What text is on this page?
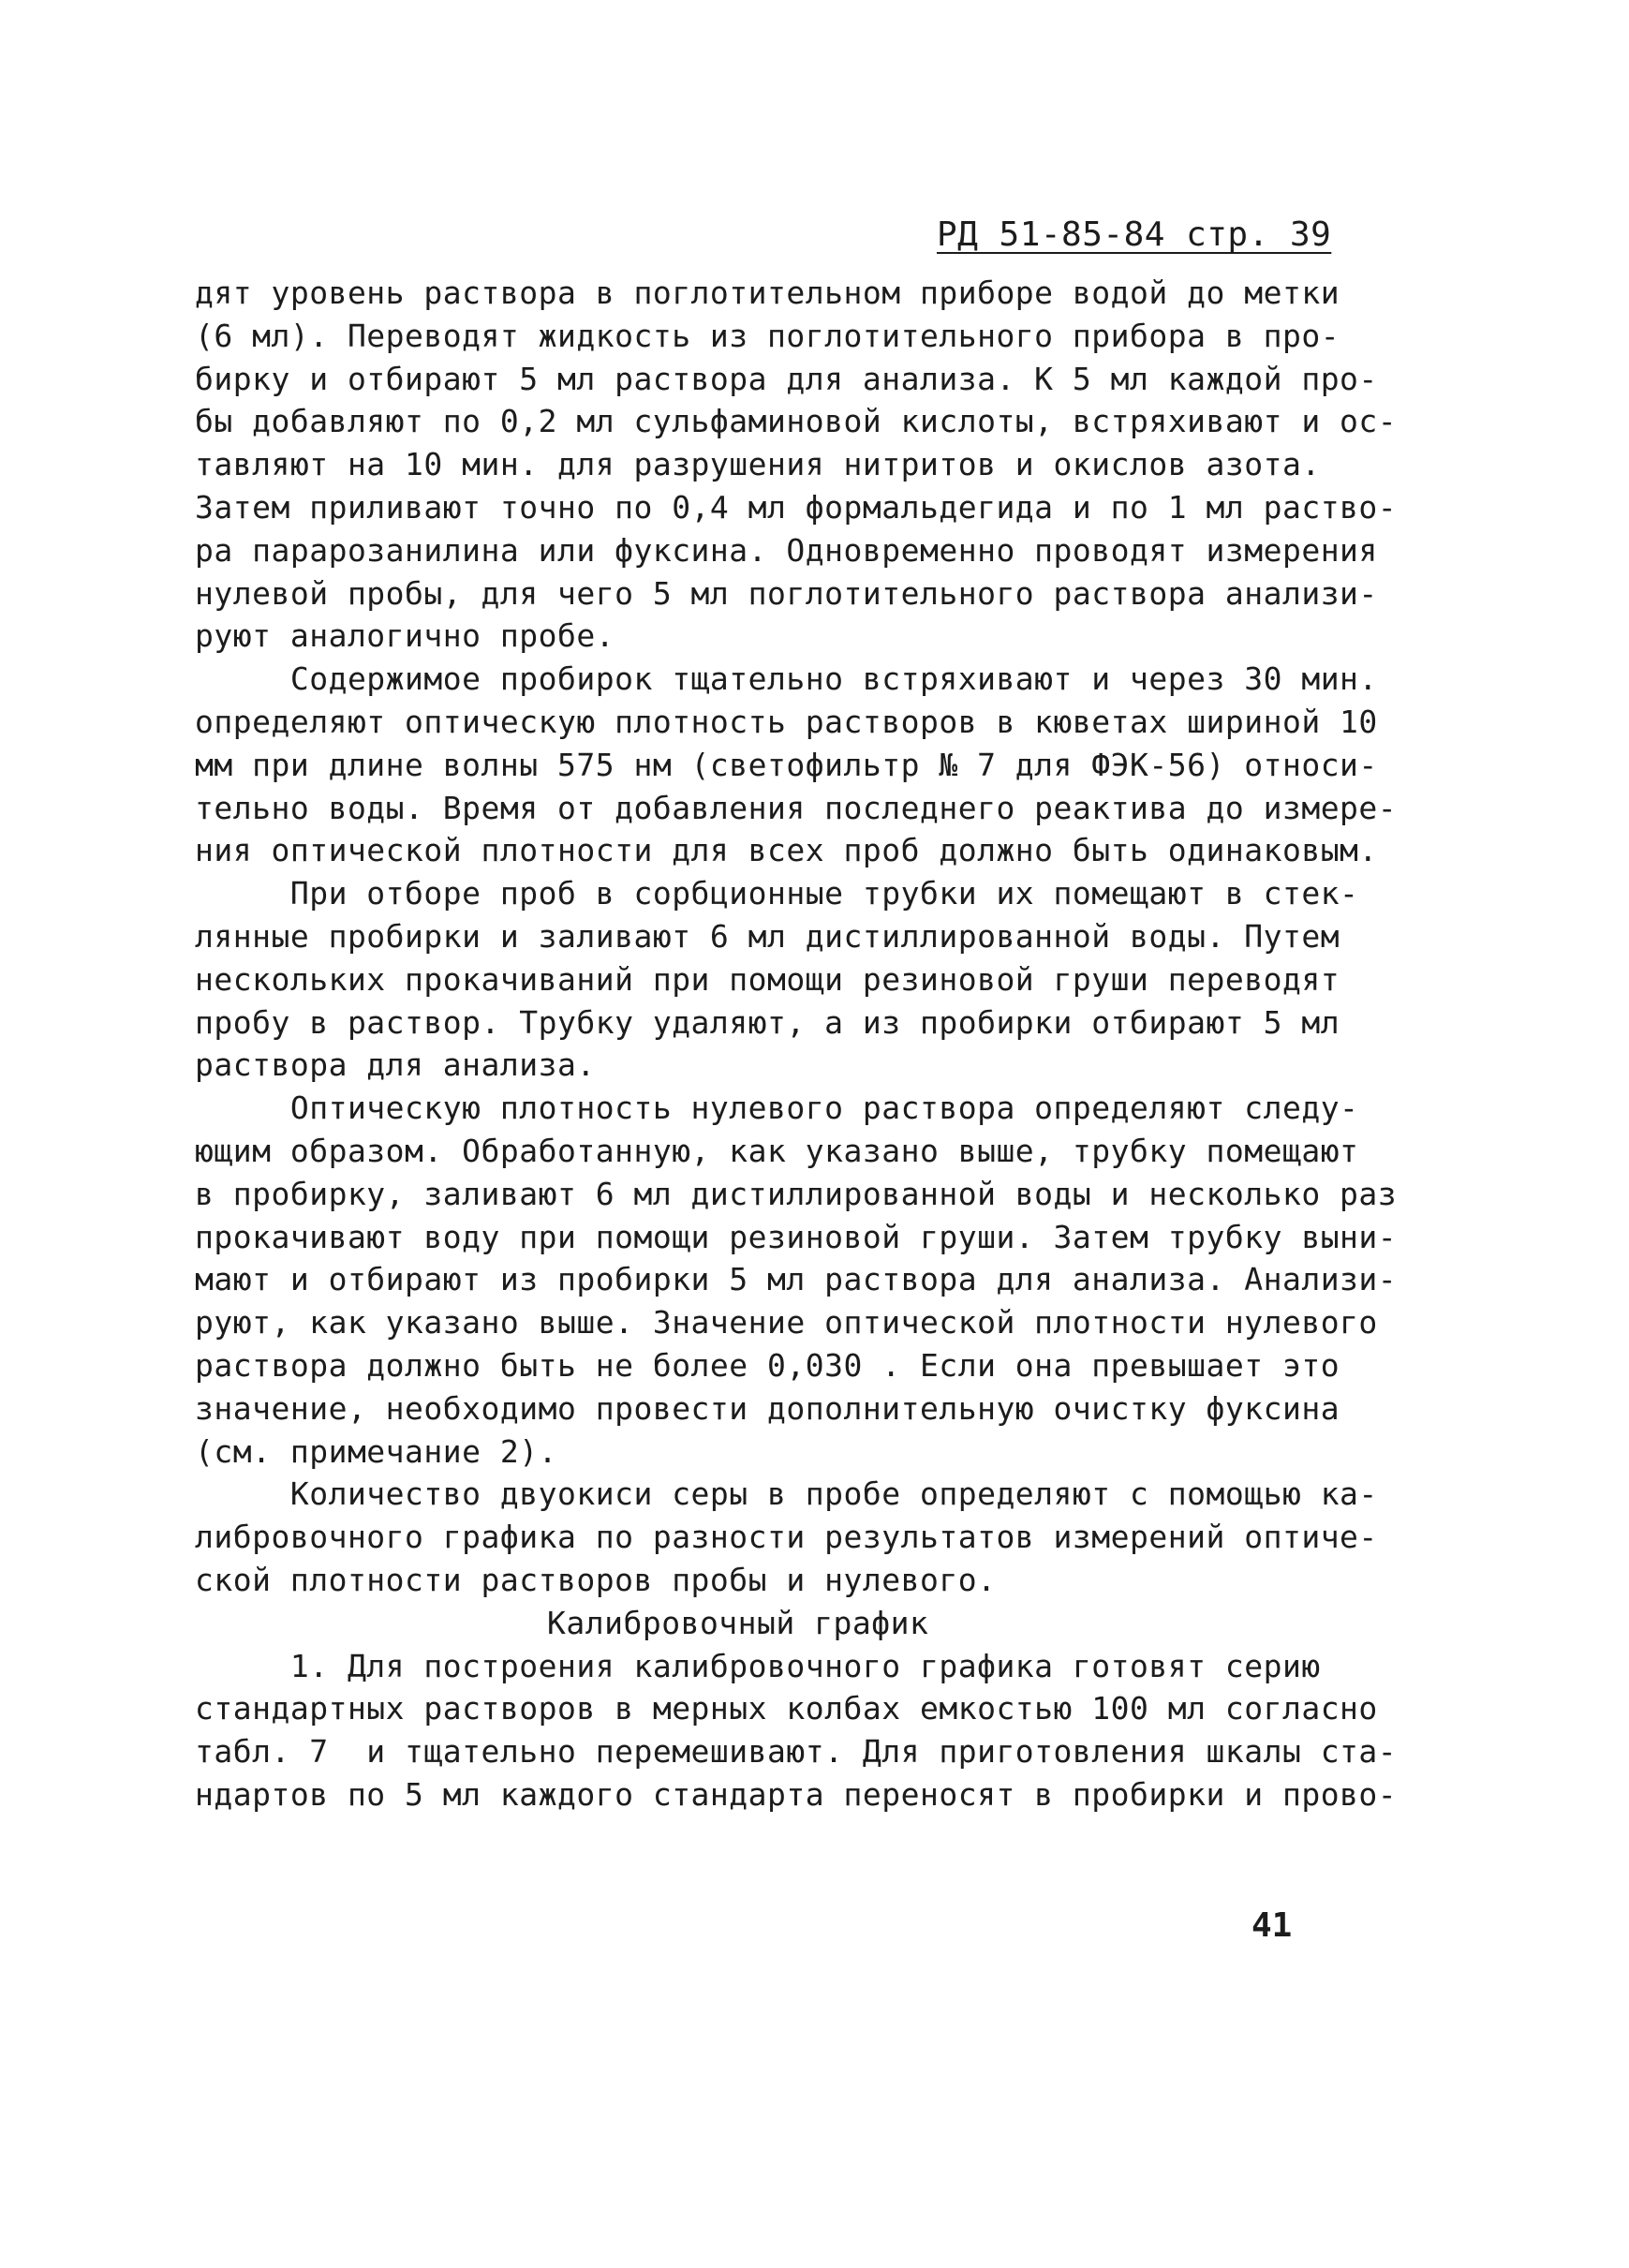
РД 51-85-84 стр. 39
дят уровень раствора в поглотительном приборе водой до метки
(6 мл). Переводят жидкость из поглотительного прибора в про-
бирку и отбирают 5 мл раствора для анализа. К 5 мл каждой про-
бы добавляют по 0,2 мл сульфаминовой кислоты, встряхивают и ос-
тавляют на 10 мин. для разрушения нитритов и окислов азота.
Затем приливают точно по 0,4 мл формальдегида и по 1 мл раство-
ра парарозанилина или фуксина. Одновременно проводят измерения
нулевой пробы, для чего 5 мл поглотительного раствора анализи-
руют аналогично пробе.
Содержимое пробирок тщательно встряхивают и через 30 мин.
определяют оптическую плотность растворов в кюветах шириной 10
мм при длине волны 575 нм (светофильтр № 7 для ФЭК-56) относи-
тельно воды. Время от добавления последнего реактива до измере-
ния оптической плотности для всех проб должно быть одинаковым.
При отборе проб в сорбционные трубки их помещают в стек-
лянные пробирки и заливают 6 мл дистиллированной воды. Путем
нескольких прокачиваний при помощи резиновой груши переводят
пробу в раствор. Трубку удаляют, а из пробирки отбирают 5 мл
раствора для анализа.
Оптическую плотность нулевого раствора определяют следу-
ющим образом. Обработанную, как указано выше, трубку помещают
в пробирку, заливают 6 мл дистиллированной воды и несколько раз
прокачивают воду при помощи резиновой груши. Затем трубку выни-
мают и отбирают из пробирки 5 мл раствора для анализа. Анализи-
руют, как указано выше. Значение оптической плотности нулевого
раствора должно быть не более 0,030 . Если она превышает это
значение, необходимо провести дополнительную очистку фуксина
(см. примечание 2).
Количество двуокиси серы в пробе определяют с помощью ка-
либровочного графика по разности результатов измерений оптиче-
ской плотности растворов пробы и нулевого.
Калибровочный график
1. Для построения калибровочного графика готовят серию
стандартных растворов в мерных колбах емкостью 100 мл согласно
табл. 7  и тщательно перемешивают. Для приготовления шкалы ста-
ндартов по 5 мл каждого стандарта переносят в пробирки и прово-
41
